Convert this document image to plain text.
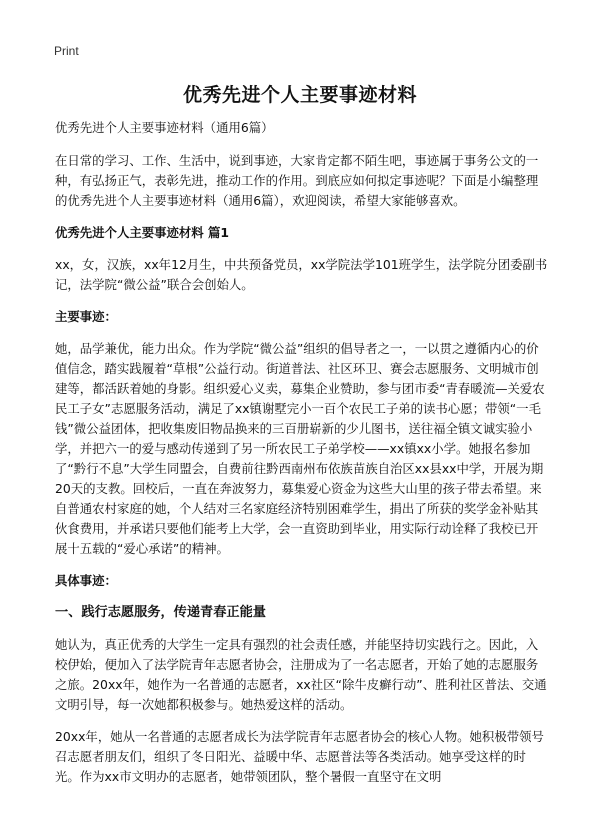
Print
优秀先进个人主要事迹材料

优秀先进个人主要事迹材料（通用6篇）

在日常的学习、工作、生活中，说到事迹，大家肯定都不陌生吧，事迹属于事务公文的一种，有弘扬正气，表彰先进，推动工作的作用。到底应如何拟定事迹呢？下面是小编整理的优秀先进个人主要事迹材料（通用6篇），欢迎阅读，希望大家能够喜欢。

优秀先进个人主要事迹材料 篇1

xx，女，汉族，xx年12月生，中共预备党员，xx学院法学101班学生，法学院分团委副书记，法学院“微公益”联合会创始人。

主要事迹：

她，品学兼优，能力出众。作为学院“微公益”组织的倡导者之一，一以贯之遵循内心的价值信念，踏实践履着“草根”公益行动。街道普法、社区环卫、赛会志愿服务、文明城市创建等，都活跃着她的身影。组织爱心义卖，募集企业赞助，参与团市委“青春暖流—关爱农民工子女”志愿服务活动，满足了xx镇谢墅完小一百个农民工子弟的读书心愿；带领“一毛钱”微公益团体，把收集废旧物品换来的三百册崭新的少儿图书，送往福全镇文诚实验小学，并把六一的爱与感动传递到了另一所农民工子弟学校——xx镇xx小学。她报名参加了“黔行不息”大学生同盟会，自费前往黔西南州布依族苗族自治区xx县xx中学，开展为期20天的支教。回校后，一直在奔波努力，募集爱心资金为这些大山里的孩子带去希望。来自普通农村家庭的她，个人结对三名家庭经济特别困难学生，捐出了所获的奖学金补贴其伙食费用，并承诺只要他们能考上大学，会一直资助到毕业，用实际行动诠释了我校已开展十五载的“爱心承诺”的精神。

具体事迹：

一、践行志愿服务，传递青春正能量

她认为，真正优秀的大学生一定具有强烈的社会责任感，并能坚持切实践行之。因此，入校伊始，便加入了法学院青年志愿者协会，注册成为了一名志愿者，开始了她的志愿服务之旅。20xx年，她作为一名普通的志愿者，xx社区“除牛皮癣行动”、胜利社区普法、交通文明引导，每一次她都积极参与。她热爱这样的活动。

20xx年，她从一名普通的志愿者成长为法学院青年志愿者协会的核心人物。她积极带领号召志愿者朋友们，组织了冬日阳光、益暖中华、志愿普法等各类活动。她享受这样的时光。作为xx市文明办的志愿者，她带领团队，整个暑假一直坚守在文明
